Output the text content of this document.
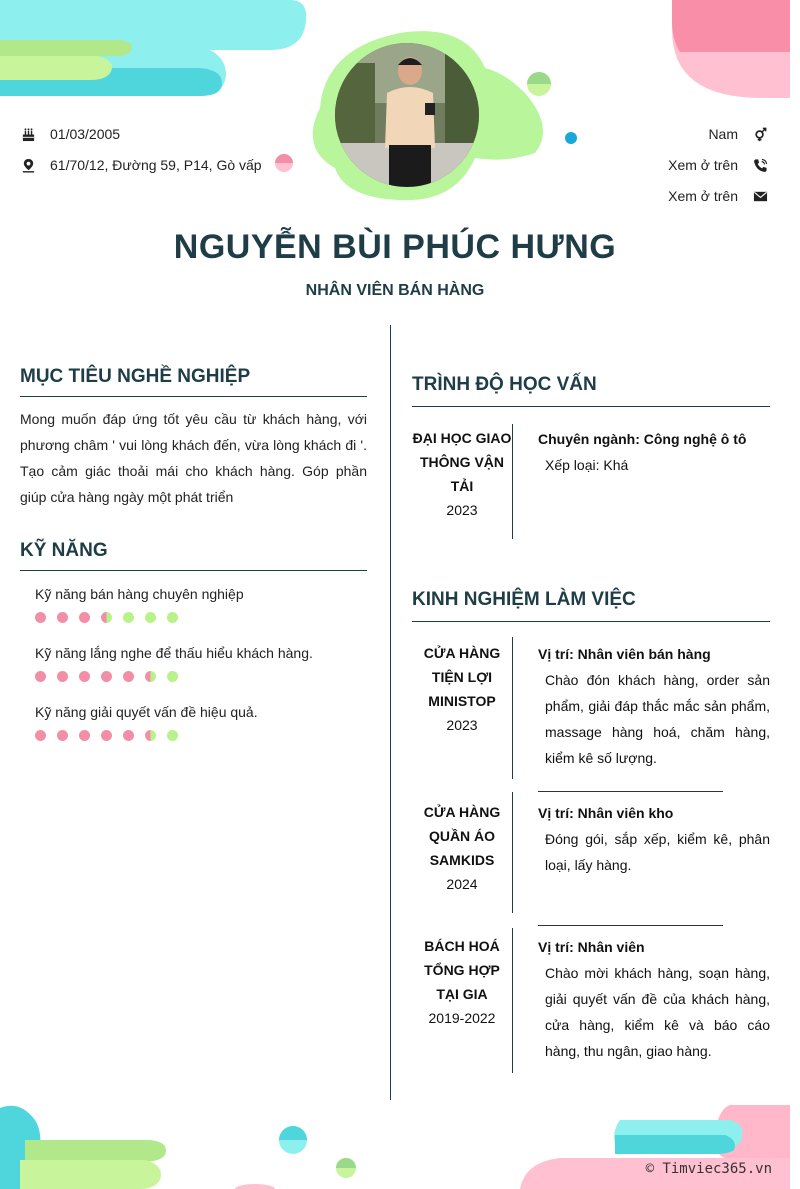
01/03/2005
61/70/12, Đường 59, P14, Gò vấp
Nam
Xem ở trên
Xem ở trên
NGUYỄN BÙI PHÚC HƯNG
NHÂN VIÊN BÁN HÀNG
MỤC TIÊU NGHỀ NGHIỆP
Mong muốn đáp ứng tốt yêu cầu từ khách hàng, với phương châm ' vui lòng khách đến, vừa lòng khách đi '. Tạo cảm giác thoải mái cho khách hàng. Góp phần giúp cửa hàng ngày một phát triển
KỸ NĂNG
Kỹ năng bán hàng chuyên nghiệp
Kỹ năng lắng nghe để thấu hiểu khách hàng.
Kỹ năng giải quyết vấn đề hiệu quả.
TRÌNH ĐỘ HỌC VẤN
ĐẠI HỌC GIAO THÔNG VẬN TẢI
2023
Chuyên ngành: Công nghệ ô tô
Xếp loại: Khá
KINH NGHIỆM LÀM VIỆC
CỬA HÀNG TIỆN LỢI MINISTOP
2023
Vị trí: Nhân viên bán hàng
Chào đón khách hàng, order sản phẩm, giải đáp thắc mắc sản phẩm, massage hàng hoá, chăm hàng, kiểm kê số lượng.
CỬA HÀNG QUẦN ÁO SAMKIDS
2024
Vị trí: Nhân viên kho
Đóng gói, sắp xếp, kiểm kê, phân loại, lấy hàng.
BÁCH HOÁ TỔNG HỢP TẠI GIA
2019-2022
Vị trí: Nhân viên
Chào mời khách hàng, soạn hàng, giải quyết vấn đề của khách hàng, cửa hàng, kiểm kê và báo cáo hàng, thu ngân, giao hàng.
© Timviec365.vn
